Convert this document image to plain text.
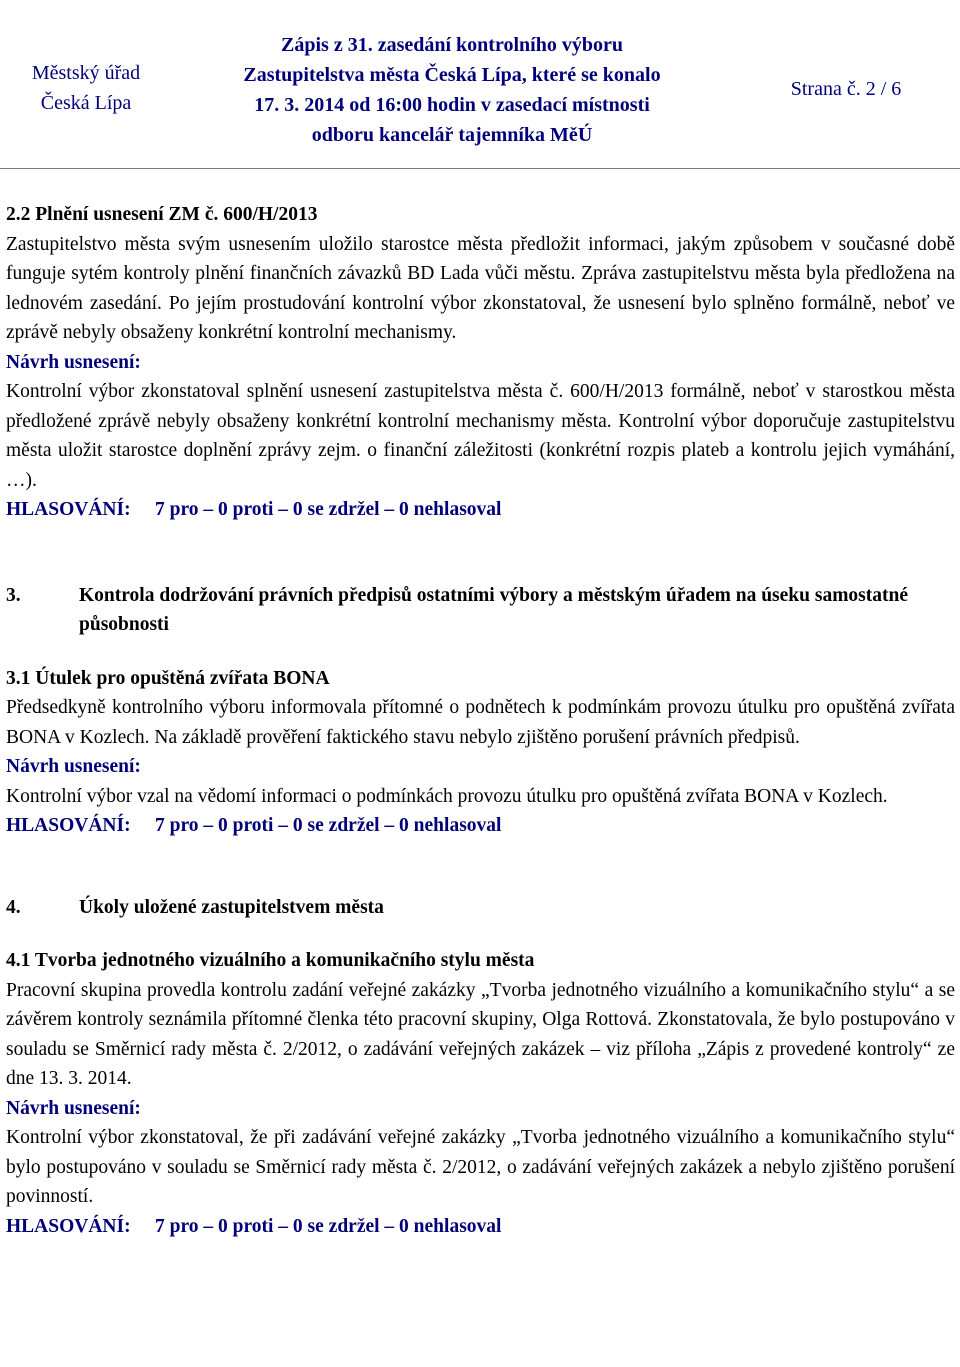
Městský úřad
Česká Lípa
Zápis z 31. zasedání kontrolního výboru
Zastupitelstva města Česká Lípa, které se konalo
17. 3. 2014 od 16:00 hodin v zasedací místnosti
odboru kancelář tajemníka MěÚ
Strana č. 2 / 6

2.2 Plnění usnesení ZM č. 600/H/2013

Zastupitelstvo města svým usnesením uložilo starostce města předložit informaci, jakým způsobem v současné době funguje sytém kontroly plnění finančních závazků BD Lada vůči městu. Zpráva zastupitelstvu města byla předložena na lednovém zasedání. Po jejím prostudování kontrolní výbor zkonstatoval, že usnesení bylo splněno formálně, neboť ve zprávě nebyly obsaženy konkrétní kontrolní mechanismy.

Návrh usnesení:

Kontrolní výbor zkonstatoval splnění usnesení zastupitelstva města č. 600/H/2013 formálně, neboť v starostkou města předložené zprávě nebyly obsaženy konkrétní kontrolní mechanismy města. Kontrolní výbor doporučuje zastupitelstvu města uložit starostce doplnění zprávy zejm. o finanční záležitosti (konkrétní rozpis plateb a kontrolu jejich vymáhání, …).

HLASOVÁNÍ:     7 pro – 0 proti – 0 se zdržel – 0 nehlasoval

3.	Kontrola dodržování právních předpisů ostatními výbory a městským úřadem na úseku samostatné působnosti

3.1 Útulek pro opuštěná zvířata BONA

Předsedkyně kontrolního výboru informovala přítomné o podnětech k podmínkám provozu útulku pro opuštěná zvířata BONA v Kozlech. Na základě prověření faktického stavu nebylo zjištěno porušení právních předpisů.

Návrh usnesení:

Kontrolní výbor vzal na vědomí informaci o podmínkách provozu útulku pro opuštěná zvířata BONA v Kozlech.

HLASOVÁNÍ:     7 pro – 0 proti – 0 se zdržel – 0 nehlasoval

4.	Úkoly uložené zastupitelstvem města

4.1 Tvorba jednotného vizuálního a komunikačního stylu města

Pracovní skupina provedla kontrolu zadání veřejné zakázky „Tvorba jednotného vizuálního a komunikačního stylu“ a se závěrem kontroly seznámila přítomné členka této pracovní skupiny, Olga Rottová. Zkonstatovala, že bylo postupováno v souladu se Směrnicí rady města č. 2/2012, o zadávání veřejných zakázek – viz příloha „Zápis z provedené kontroly“ ze dne 13. 3. 2014.

Návrh usnesení:

Kontrolní výbor zkonstatoval, že při zadávání veřejné zakázky „Tvorba jednotného vizuálního a komunikačního stylu“ bylo postupováno v souladu se Směrnicí rady města č. 2/2012, o zadávání veřejných zakázek a nebylo zjištěno porušení povinností.

HLASOVÁNÍ:     7 pro – 0 proti – 0 se zdržel – 0 nehlasoval
